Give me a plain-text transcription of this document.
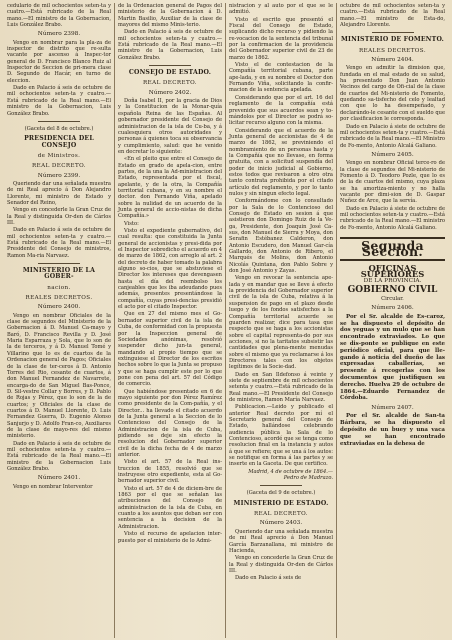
cedulario de mil ochocientos seten-ta y cuatro.—Está rubricado de la Real mano.—El ministro de la Gobernacion, Luis González Brabo.

Número 2398.

Vengo en nombrar para la pla-za de inspector de distrito que re-sulta vacante por ascenso á Inspec-tor general de D. Francisco Blanco Ruiz al Inspector de Seccion de pri-mera clase D. Segundo de Hacár, en turno de eleccion.

Dado en Palacio á seis de octubre de mil ochocientos seten-ta y cuatro.—Está rubricado de la Real mano.—El ministro de la Gobernacion, Luis González Brabo.

(Gaceta del 8 de octubre.)
PRESIDENCIA DEL CONSEJO
de Ministros.
REAL DECRETO.
Número 2399.

Queriendo dar una señalada muestra de mi Real aprecio á Don Alejandro Llorente, mi ministro de Estado y Senador del Reino,

Vengo en concederle la Gran Cruz de la Real y distinguida Or-den de Cárlos III.

Dado en Palacio á seis de octubre de mil ochocientos seten-ta y cuatro.—Está rubricado de la Real mano.—El Presidente del Consejo de ministros, Ramon Ma-ria Narvaez.

MINISTERIO DE LA GOBER-
nacion.
REALES DECRETOS.
Número 2400.

Vengo en nombrar Oficiales de la clase de segundos del Ministerio de la Gobernacion á D. Manuel Ca-mayo y Baró, D. Francisco Revilla y D. José Maria Esparraza y Sola, que lo son de la de terceros, y á D. Manuel Tomé y Villarino que lo es de cuartos de la Ordenacion general de Pagos; Oficiales de la clase de ter-ceros á D. Antonio Torres del Rio, cesante de cuartos, á don Manuel Fernandez de Navarrete, encarga-do de San Miguel Bas-Ponce, D. Sil-vestre Collar y Borres, y D. Pablo de Rojas y Pérez, que lo son de la de cuartos; y Oficiales de la clase de cuartos á D. Manuel Llorente, D. Luis Fernandez Guerra, D. Eugenio Alonso Sanjurjo y D. Adolfo Fran-co, Auxiliares de la clase de mayo-res del mismo ministerio.

Dado en Palacio á seis de octubre de mil ochocientos seten-ta y cuatro.—Está rubricado de la Real mano.—El ministro de la Gobernacion Luis González Brabo.

Número 2401.

Vengo en nombrar Interventor

de la Ordenacion general de Pagos del ministerio de la Gobernacion á D. Martin Basilio, Auxiliar de la clase de mayores del mismo Minis-terio.

Dado en Palacio á seis de octubre de mil ochocientos seten-ta y cuatro.—Está rubricado de la Real mano.—El ministro de la Gobernacion, Luis González Brabo.

CONSEJO DE ESTADO.
REAL DECRETO.
Número 2402.

Doña Isabel II, por la gracia de Dios y la Constitucion de la Monar-quía española Reina de las Españas. Al gobernador presidente del Consejo de administracion de la isla de Cu-ba, y á cualesquiera otros autoridades y personas á quienes toca su observancia y cumplimiento, salud: que he venido en decretar lo siguiente:

«En el pleito que entre el Consejo de Estado en grado de apela-cion, entre partes, de la una la Ad-ministracion del Estado, representada por el fiscal, apelante, y de la otra, la Compañía territorial cubana, y en su nombre el doctor. don Fernando Viña, apelado sobre la nulidad de un acuerdo de la Junta general de accio-nistas de dicha Compañía.»

Visto:

Visto el expediente gubernativo, del cual resulta: que constituida la Junta general de accionistas y presi-dida por el Inspector sobredicho el acuerdo en 4 de marzo de 1862, con arreglo al art. 2 del decreto de haber tomado la palabra alguno so-cios, que se abstuviese el Director los intereses que devengasen hasta el día del reembolso los canjeables que les iba adeudando pues además, presentes presentándose la compañía, cuyas presi-dencias presidió el acto por el citado Inspector.

Que en 27 del mismo mes el Go-bernador superior civil de la isla de Cuba, de conformidad con la propuesta por la Inspeccion general de Sociedades anónimas, resolvió suspender dicho jun-ta general, mandando al propio tiempo que se extinguiese el Director de los escritos hechos sobre lo que la Junta se propuso y que se haga cumplir este por lo que pone con pena del art. 57 del Código de comercio.

Que habiéndose presentado en 6 de mayo siguiente por don Pérez Ramírez como presidente de la Com-pañía, y el Director... ha llevado el citado acuerdo de la Junta general a la Seccion de lo Contencioso del Consejo de la Administracion de la isla de Cuba, pidiendo se deje sin efecto la resolucion del Gobernador superior civil de la dicha fecha de 4 de marzo anterior.

Visto el art. 57 de la Real ins-truccion de 1855, resolvió que se instruyese otro expediente, esta al Go-bernador superior civil.

Visto el art. 57 de 4 de diciem-bre de 1863 por el que se señalan las atribuciones del Consejo de administracion de la isla de Cuba, en cuanto a los asuntos que deban ser con sentencia a la decision de la Administracion.

Visto el recurso de apelacion inter-puesto por el ministerio de lo Admi-

nistracion y al auto por el que se le admitió.

Visto el escrito que presentó el Fiscal del Consejo de Estado, suplicando dicho recurso y pidiendo la re-vocacion de la sentencia del tribunal por la confirmacion de la providencia del Gobernador superior civil de 23 de marzo de 1862.

Visto el de contestacion de la Compañía territorial cubana, parte ape-lada, y en su nombre el Doctor don Fernando Viña, solicitando la confir-macion de la sentencia apelada.

Considerando que por el art. 16 del reglamento de la compañía está prevenido que sus acuerdos sean y to-mándolos por el Director se podrá so-licitar recurso alguno con la misma.

Considerando que el acuerdo de la Junta general de accionistas de 4 de marzo de 1862, se previniendo el nombramiento de un personas hasta y la Compañía que no llevase, en forma gratuita, con a solicitud suspendía del poder de inicio judicial al Gobierno, estos todos que revisaron a otro otra tanto contrata prohibida por el citado artículo del reglamento, y por lo tanto nulos y sin ningun efecto legal.

Conformándome con lo consultado por la Sala de lo Contencioso del Consejo de Estado en sesion á que asistieron don Domingo Ruiz de la Ve-ga, Presidente, don Joaquin José Ca-sus, don Manuel de Sierra y Moya, don Serafin Estébanez Calderon, don Antonio Escudero, don Manuel Gar-cía Gallardo, don Antonio de Ribero, el Marqués de Molins, don Antonio Nicolás Quintana, don Pablo Sobre y don José Antonio y Zayas.

Vengo en revocar la sentencia ape-lada y en mandar que se lleve á efecto la providencia del Gobernador superior civil de la isla de Cuba, relativa á la suspension de pago en el plazo desde luego y de los fondos satisfechos a la Compañía territorial acuerde se guarden realizar, dice para tasa que respecto que se haga a los accionistas sobre el capital representa-do por sus acciones, si no la taritatos subsistir las cantidades que plena-mente menudas sobre el mismo que ya reclamarse á los Directores tales con los objetos legítimos de la Socie-dad.

Dado en San Ildefonso á veinte y siete de septiembre de mil ochocientos setenta y cuatro.—Está rubricado de la Real mano.—El Presidente del Consejo de ministros, Ramon María Narvaez.

Publicacion.—Leido y publicado el anterior Real decreto por mí el Secretario general del Consejo de Estado, hallándose celebrando audiencia pública la Sala de lo Contencioso, acordé que se tenga como resolucion final en la instancia y autos á que se refiere; que se una á los autos: se notifique en forma á las partes y se inserte en la Gaceta. De que certifico.

Madrid, 4 de octubre de 1864.—Pedro de Madrazo.

(Gaceta del 9 de octubre.)
MINISTERIO DE ESTADO.
REAL DECRETO.
Número 2403.

Queriendo dar una señalada muestra de mi Real aprecio á Don Manuel García Barzanallana, mi ministro de Hacienda,

Vengo en concederle la Gran Cruz de la Real y distinguida Or-den de Cárlos III.

Dado en Palacio á seis de

octubre de mil ochocientos seten-ta y cuatro.—Está rubricado de la Real mano.—El ministro de Esta-do, Alejandro Llorente.

MINISTERIO DE FOMENTO.
REALES DECRETOS.
Número 2404.

Vengo en admitir la dimision que, fundada en el mal estado de su salud, ha presentado Don Juan Antonio Vecinos del cargo de Ofi-cial de la clase de cuartos del Mi-nisterio de Fomento, quedando sa-tisfecho del celo y lealtad con que lo ha desempeñado, y declarándo-le cesante con el sueldo que por clasificacion le corresponda.

Dado en Palacio á siete de octubre de mil ochocientos seten-ta y cuatro.—Está rubricado de la Real mano.—El Ministro de Fo-mento, Antonio Alcalá Galiano.

Número 2405.

Vengo en nombrar Oficial terce-ro de la clase de segundos del Mi-nisterio de Fomento á D. Teodoro Pozle, que lo es de la de cuartos del mismo, cuya plaza se ha amortiza-miento y no halla vacante por dimi-sion de D. Gaspar Nuñez de Arce, que la servía.

Dado en Palacio á siete de octubre de mil ochocientos seten-ta y cuatro.—Está rubricado de la Real mano.—El ministro de Fo-mento, Antonio Alcalá Galiano.

Segunda Seccion.
OFICINAS SUPERIORES
DE LA PROVINCIA.
GOBIERNO CIVIL
Circular.
Número 2406.

Por el Sr. alcalde de Es-caroz, se ha dispuesto el depósito de dos yeguas y un mulo que se han encontrado extraviados. Lo que se dis-ponte se publique en este periódico oficial, para que lle-gando á noticia del dueño de las expresadas caballerías, se presente á recogerlas con los documentos que justifiquen su derecho. Huelva 29 de octubre de 1864.—Eduardo Fernandez de Córdoba.

Número 2407.

Por el Sr. alcalde de San-ta Bárbara, se ha dispuesto el depósito de un buey y una vaca que se han encontrado extraviadas en la dehesa de
